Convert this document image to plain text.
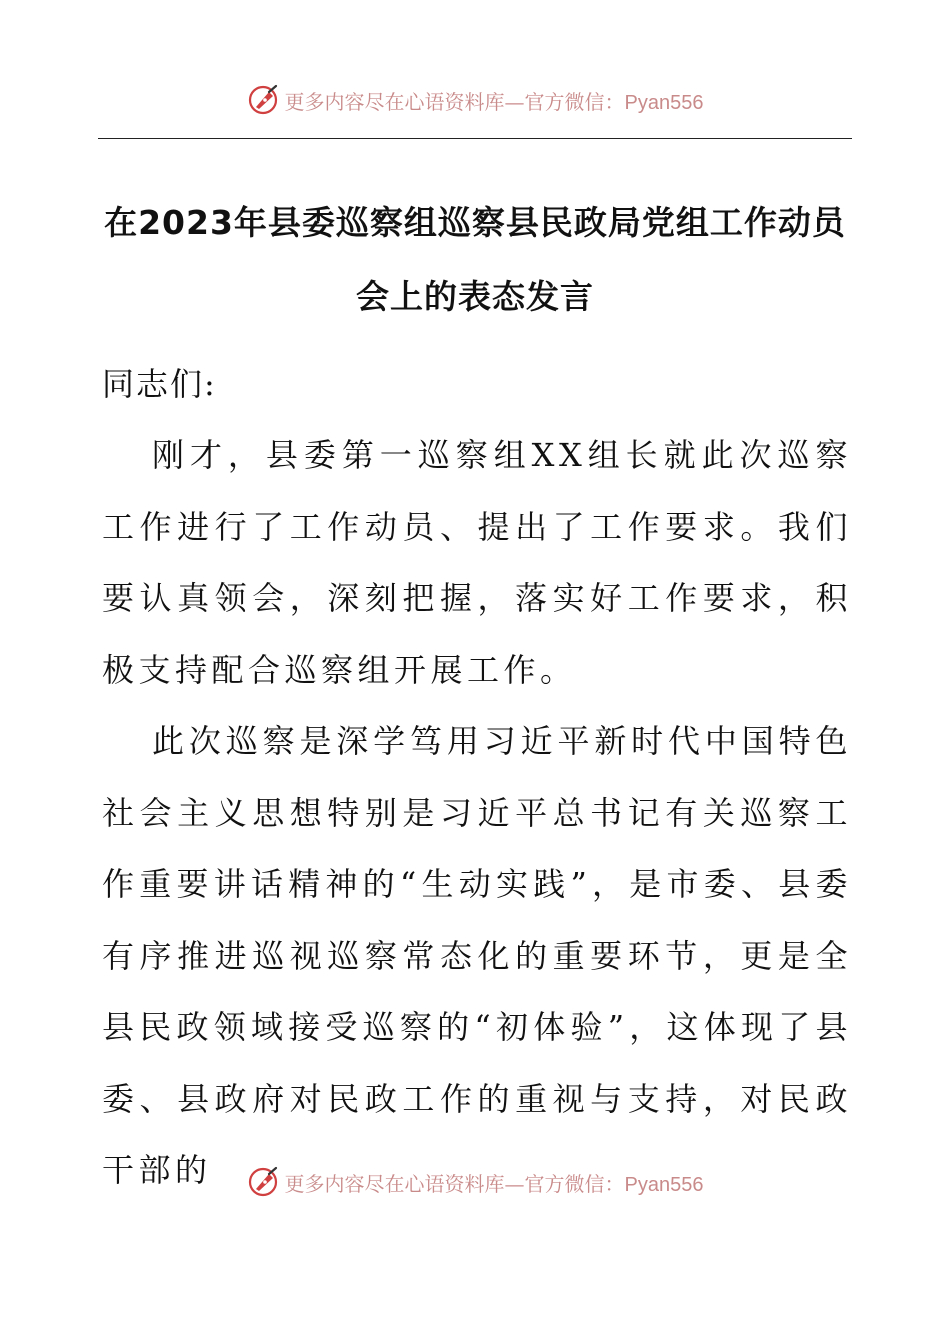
更多内容尽在心语资料库—官方微信：Pyan556
在2023年县委巡察组巡察县民政局党组工作动员会上的表态发言

同志们:

刚才，县委第一巡察组XX组长就此次巡察工作进行了工作动员、提出了工作要求。我们要认真领会，深刻把握，落实好工作要求，积极支持配合巡察组开展工作。

此次巡察是深学笃用习近平新时代中国特色社会主义思想特别是习近平总书记有关巡察工作重要讲话精神的“生动实践”，是市委、县委有序推进巡视巡察常态化的重要环节，更是全县民政领域接受巡察的“初体验”，这体现了县委、县政府对民政工作的重视与支持，对民政干部的	更多内容尽在心语资料库—官方微信：Pyan556
